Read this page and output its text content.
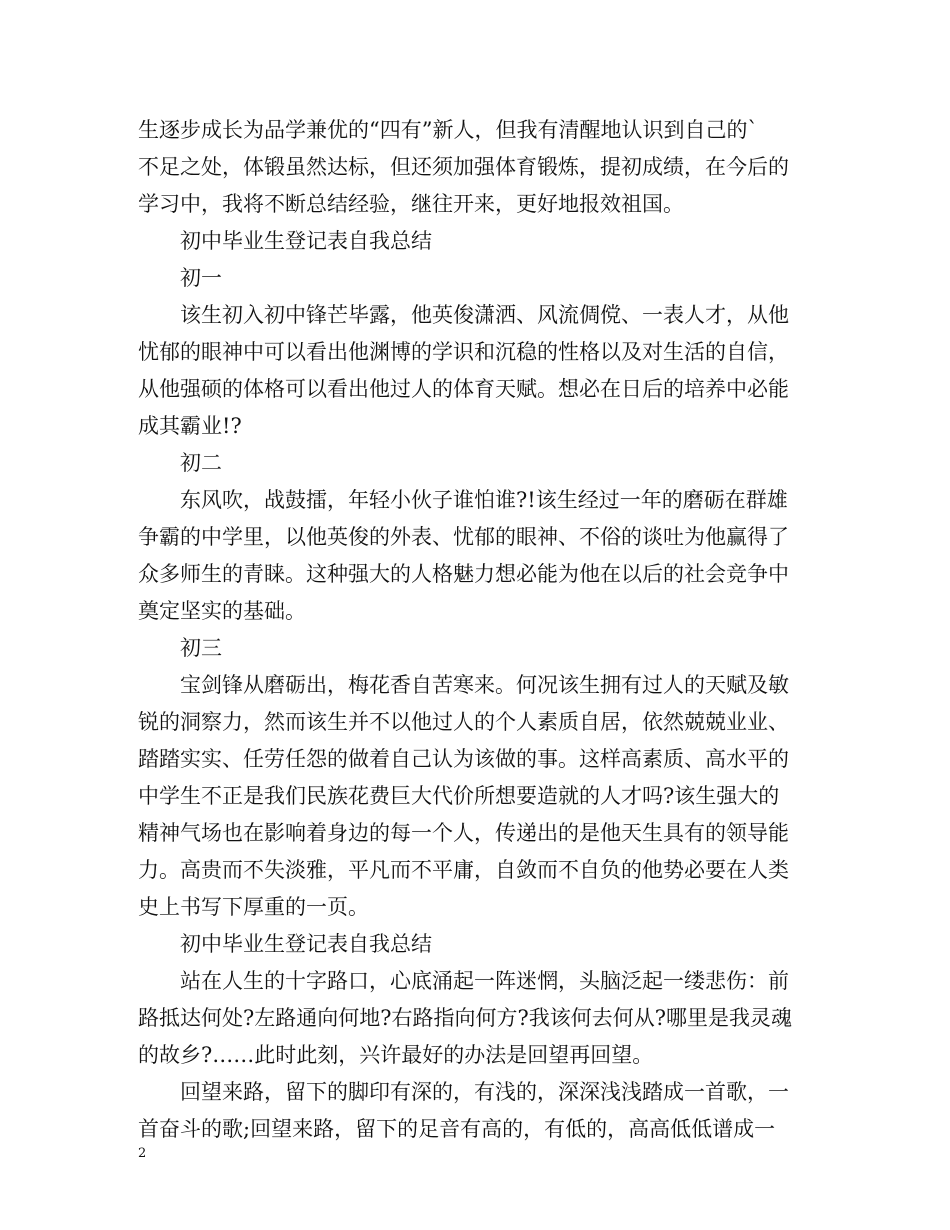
生逐步成长为品学兼优的“四有”新人，但我有清醒地认识到自己的`
不足之处，体锻虽然达标，但还须加强体育锻炼，提初成绩，在今后的
学习中，我将不断总结经验，继往开来，更好地报效祖国。
初中毕业生登记表自我总结
初一
该生初入初中锋芒毕露，他英俊潇洒、风流倜傥、一表人才，从他
忧郁的眼神中可以看出他渊博的学识和沉稳的性格以及对生活的自信，
从他强硕的体格可以看出他过人的体育天赋。想必在日后的培养中必能
成其霸业!?
初二
东风吹，战鼓擂，年轻小伙子谁怕谁?!该生经过一年的磨砺在群雄
争霸的中学里，以他英俊的外表、忧郁的眼神、不俗的谈吐为他赢得了
众多师生的青睐。这种强大的人格魅力想必能为他在以后的社会竞争中
奠定坚实的基础。
初三
宝剑锋从磨砺出，梅花香自苦寒来。何况该生拥有过人的天赋及敏
锐的洞察力，然而该生并不以他过人的个人素质自居，依然兢兢业业、
踏踏实实、任劳任怨的做着自己认为该做的事。这样高素质、高水平的
中学生不正是我们民族花费巨大代价所想要造就的人才吗?该生强大的
精神气场也在影响着身边的每一个人，传递出的是他天生具有的领导能
力。高贵而不失淡雅，平凡而不平庸，自敛而不自负的他势必要在人类
史上书写下厚重的一页。
初中毕业生登记表自我总结
站在人生的十字路口，心底涌起一阵迷惘，头脑泛起一缕悲伤：前
路抵达何处?左路通向何地?右路指向何方?我该何去何从?哪里是我灵魂
的故乡?……此时此刻，兴许最好的办法是回望再回望。
回望来路，留下的脚印有深的，有浅的，深深浅浅踏成一首歌，一
首奋斗的歌;回望来路，留下的足音有高的，有低的，高高低低谱成一
2
